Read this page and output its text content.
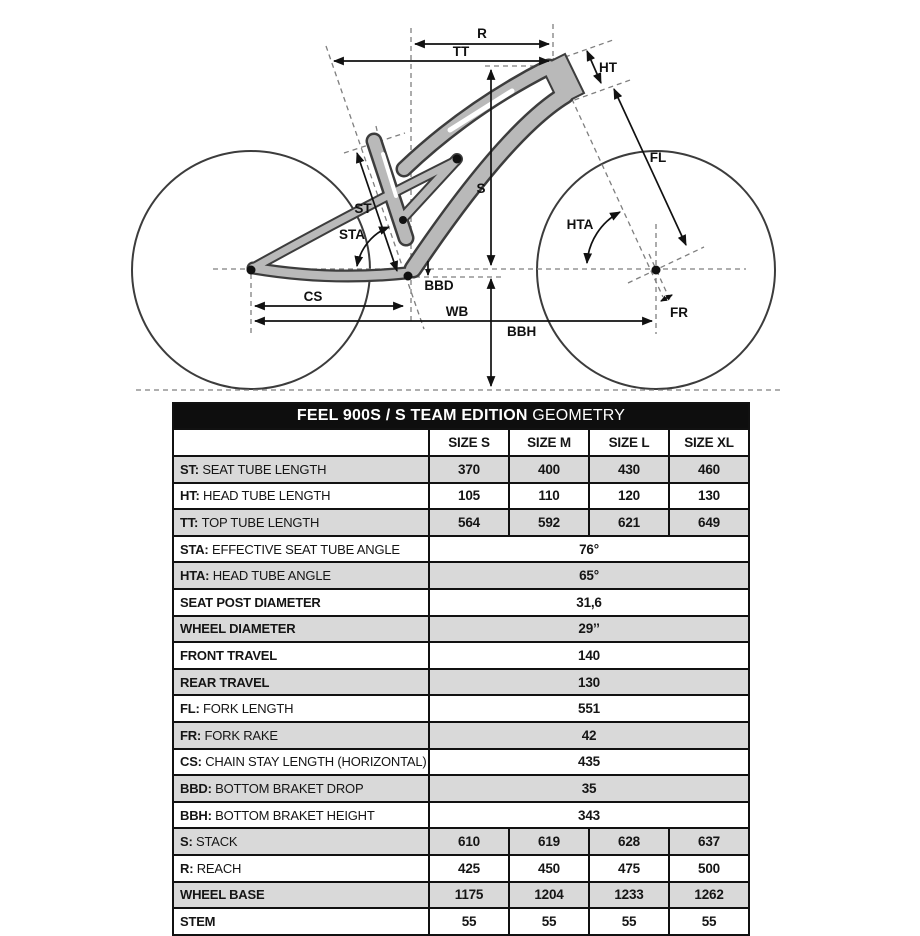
R
TT
HT
FL
S
ST
STA
HTA
BBD
CS
WB
BBH
FR
FEEL 900S / S TEAM EDITION GEOMETRY				
	SIZE S	SIZE M	SIZE L	SIZE XL
ST: SEAT TUBE LENGTH	370	400	430	460
HT: HEAD TUBE LENGTH	105	110	120	130
TT: TOP TUBE LENGTH	564	592	621	649
STA: EFFECTIVE SEAT TUBE ANGLE	76°			
HTA: HEAD TUBE ANGLE	65°			
SEAT POST DIAMETER	31,6			
WHEEL DIAMETER	29’’			
FRONT TRAVEL	140			
REAR TRAVEL	130			
FL: FORK LENGTH	551			
FR: FORK RAKE	42			
CS: CHAIN STAY LENGTH (HORIZONTAL)	435			
BBD: BOTTOM BRAKET DROP	35			
BBH: BOTTOM BRAKET HEIGHT	343			
S: STACK	610	619	628	637
R: REACH	425	450	475	500
WHEEL BASE	1175	1204	1233	1262
STEM	55	55	55	55
